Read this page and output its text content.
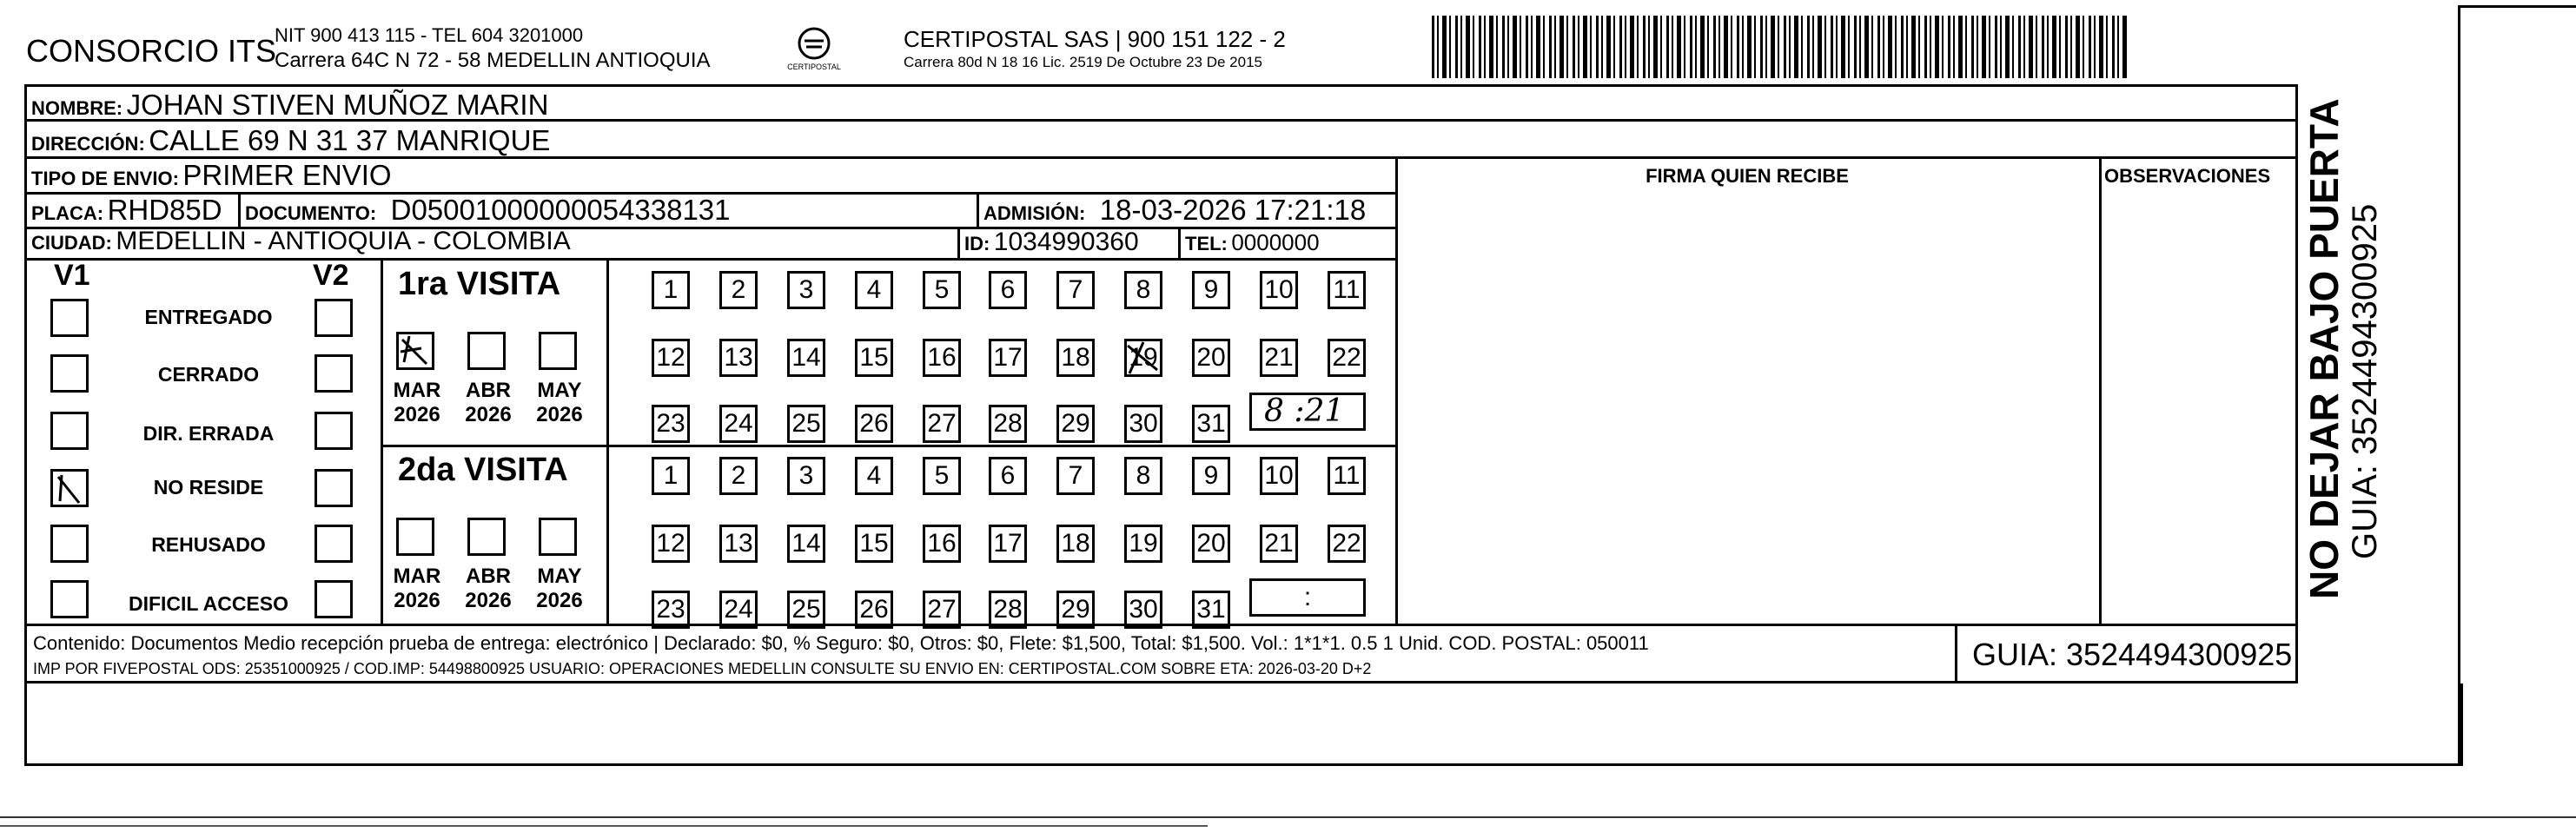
CONSORCIO ITS
NIT 900 413 115 - TEL 604 3201000
Carrera 64C N 72 - 58 MEDELLIN ANTIOQUIA	CERTIPOSTAL
CERTIPOSTAL SAS | 900 151 122 - 2
Carrera 80d N 18 16 Lic. 2519 De Octubre 23 De 2015
NOMBRE: JOHAN STIVEN MUÑOZ MARIN
DIRECCIÓN: CALLE 69 N 31 37 MANRIQUE
TIPO DE ENVIO: PRIMER ENVIO	FIRMA QUIEN RECIBE	OBSERVACIONES
PLACA: RHD85D DOCUMENTO: D05001000000054338131	ADMISIÓN: 18-03-2026 17:21:18
CIUDAD: MEDELLIN - ANTIOQUIA - COLOMBIA	ID: 1034990360 TEL: 0000000
V1	V2
ENTREGADO
CERRADO
DIR. ERRADA
NO RESIDE
REHUSADO
DIFICIL ACCESO
1ra VISITA
MAR
2026
ABR
2026
MAY
2026
1	2	3	4	5	6	7	8	9	10 11
12 13 14 15 16 17 18 19 20 21 22
23 24 25 26 27 28 29 30 31 8 :21
2da VISITA
MAR
2026
ABR
2026
MAY
2026
1	2	3	4	5	6	7	8	9	10 11
12 13 14 15 16 17 18 19 20 21 22
23 24 25 26 27 28 29 30 31	:
Contenido: Documentos Medio recepción prueba de entrega: electrónico | Declarado: $0, % Seguro: $0, Otros: $0, Flete: $1,500, Total: $1,500. Vol.: 1*1*1. 0.5 1 Unid. COD. POSTAL: 050011
IMP POR FIVEPOSTAL ODS: 25351000925 / COD.IMP: 54498800925 USUARIO: OPERACIONES MEDELLIN CONSULTE SU ENVIO EN: CERTIPOSTAL.COM SOBRE ETA: 2026-03-20 D+2	GUIA: 3524494300925
NO DEJAR BAJO PUERTA GUIA: 3524494300925
